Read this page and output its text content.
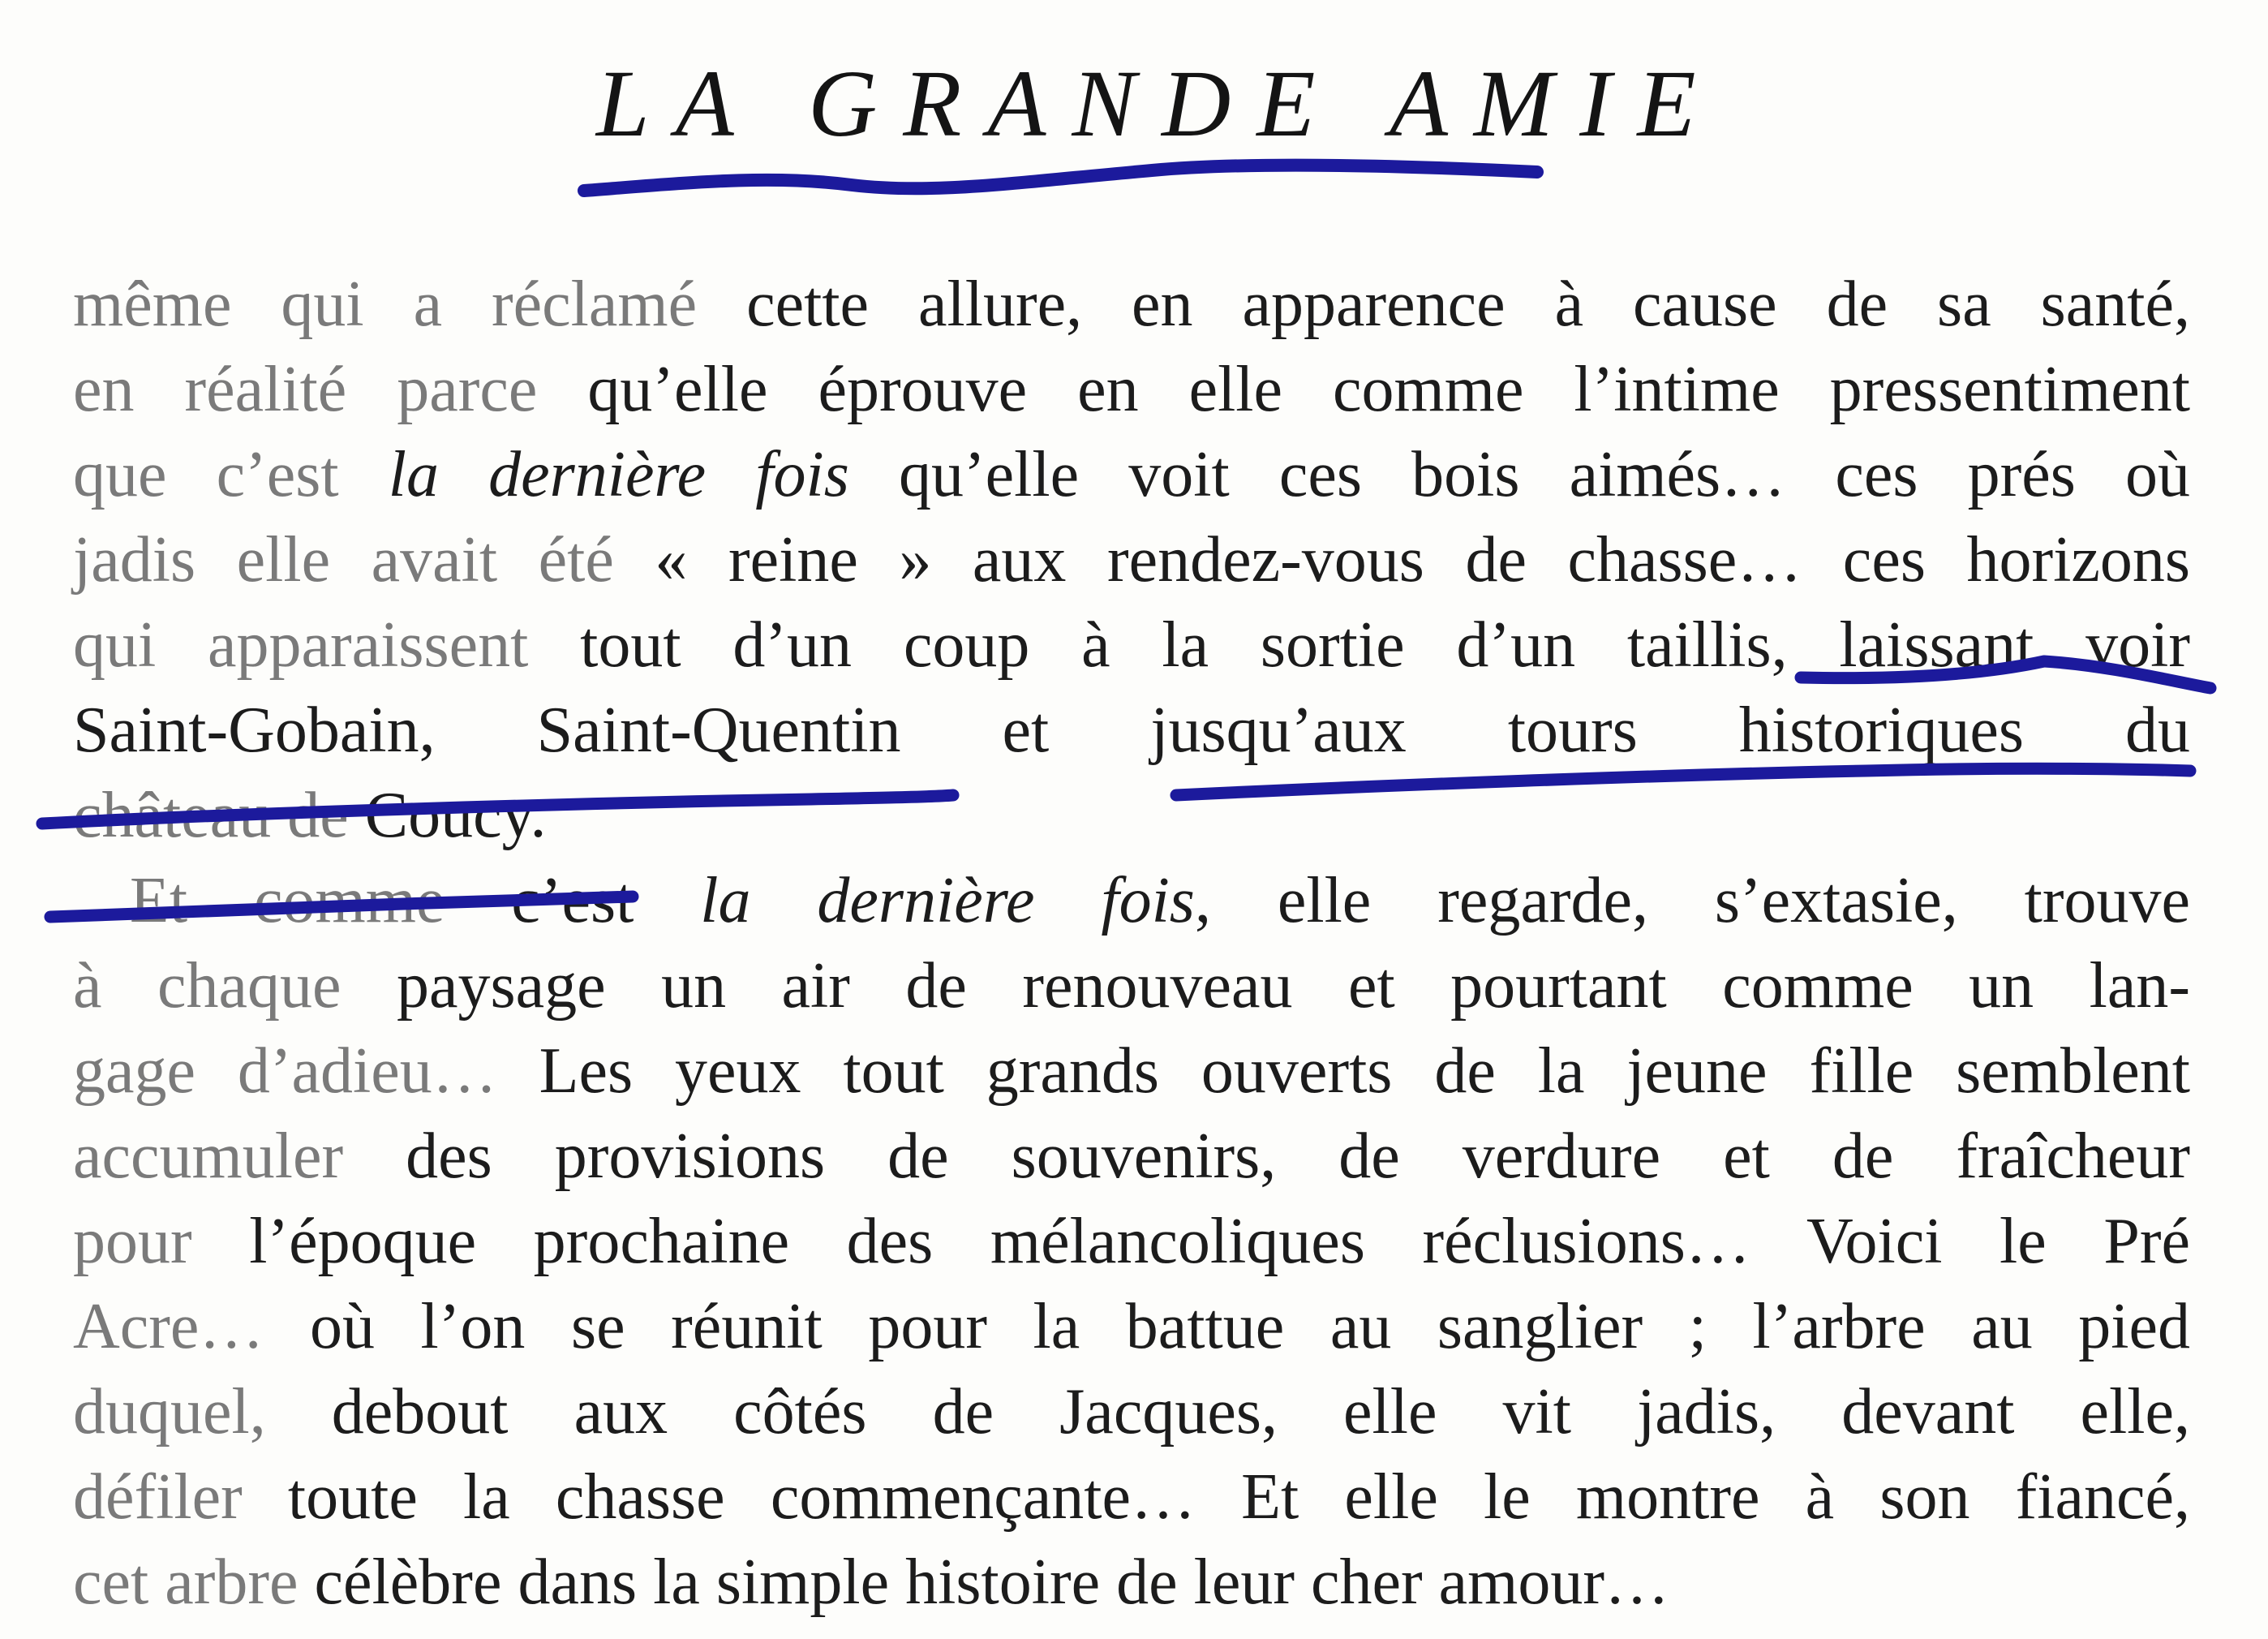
LA GRANDE AMIE
même qui a réclamé cette allure, en apparence à cause de sa santé,
en réalité parce qu’elle éprouve en elle comme l’intime pressentiment
que c’est la dernière fois qu’elle voit ces bois aimés… ces prés où
jadis elle avait été « reine » aux rendez-vous de chasse… ces horizons
qui apparaissent tout d’un coup à la sortie d’un taillis, laissant voir
Saint-Gobain, Saint-Quentin et jusqu’aux tours historiques du
château de Coucy.
Et comme c’est la dernière fois, elle regarde, s’extasie, trouve
à chaque paysage un air de renouveau et pourtant comme un lan-
gage d’adieu… Les yeux tout grands ouverts de la jeune fille semblent
accumuler des provisions de souvenirs, de verdure et de fraîcheur
pour l’époque prochaine des mélancoliques réclusions… Voici le Pré
Acre… où l’on se réunit pour la battue au sanglier ; l’arbre au pied
duquel, debout aux côtés de Jacques, elle vit jadis, devant elle,
défiler toute la chasse commençante… Et elle le montre à son fiancé,
cet arbre célèbre dans la simple histoire de leur cher amour…
